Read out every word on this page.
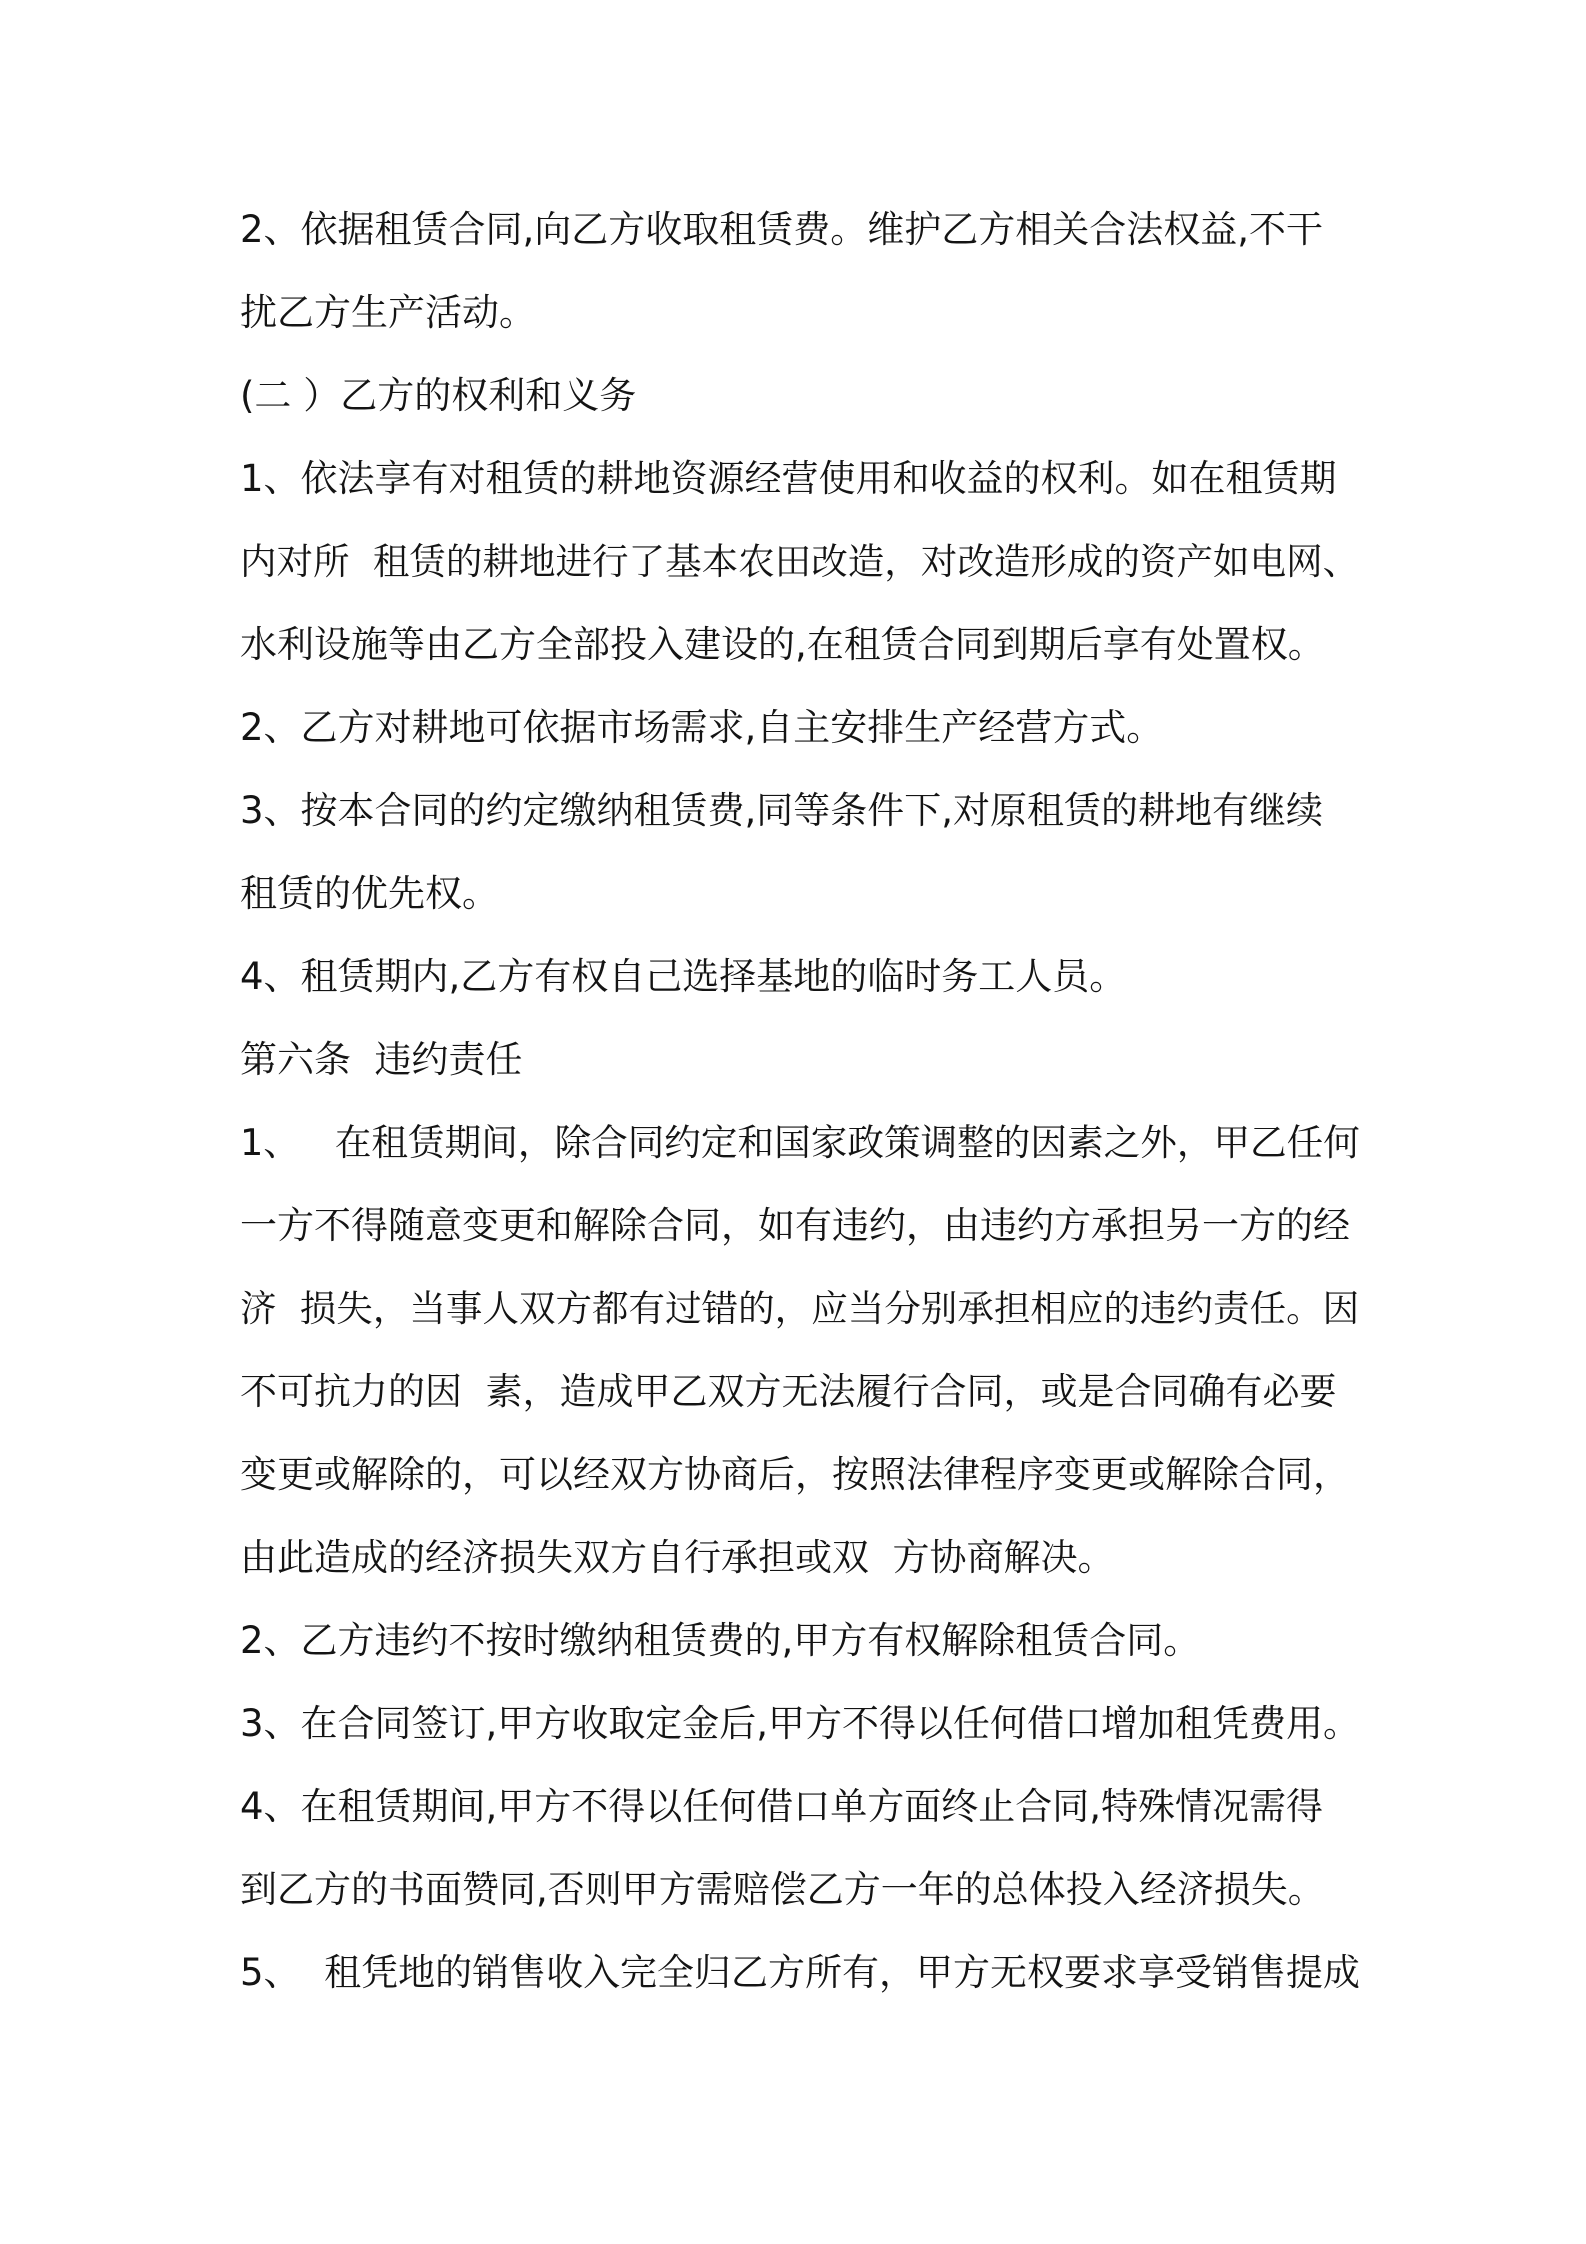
2、依据租赁合同,向乙方收取租赁费。维护乙方相关合法权益,不干
扰乙方生产活动。
(二 ）乙方的权利和义务
1、依法享有对租赁的耕地资源经营使用和收益的权利。如在租赁期
内对所  租赁的耕地进行了基本农田改造，对改造形成的资产如电网、
水利设施等由乙方全部投入建设的,在租赁合同到期后享有处置权。
2、乙方对耕地可依据市场需求,自主安排生产经营方式。
3、按本合同的约定缴纳租赁费,同等条件下,对原租赁的耕地有继续
租赁的优先权。
4、租赁期内,乙方有权自己选择基地的临时务工人员。
第六条  违约责任
1、   在租赁期间，除合同约定和国家政策调整的因素之外，甲乙任何
一方不得随意变更和解除合同，如有违约，由违约方承担另一方的经
济  损失，当事人双方都有过错的，应当分别承担相应的违约责任。因
不可抗力的因  素，造成甲乙双方无法履行合同，或是合同确有必要
变更或解除的，可以经双方协商后，按照法律程序变更或解除合同，
由此造成的经济损失双方自行承担或双  方协商解决。
2、乙方违约不按时缴纳租赁费的,甲方有权解除租赁合同。
3、在合同签订,甲方收取定金后,甲方不得以任何借口增加租凭费用。
4、在租赁期间,甲方不得以任何借口单方面终止合同,特殊情况需得
到乙方的书面赞同,否则甲方需赔偿乙方一年的总体投入经济损失。
5、  租凭地的销售收入完全归乙方所有，甲方无权要求享受销售提成
